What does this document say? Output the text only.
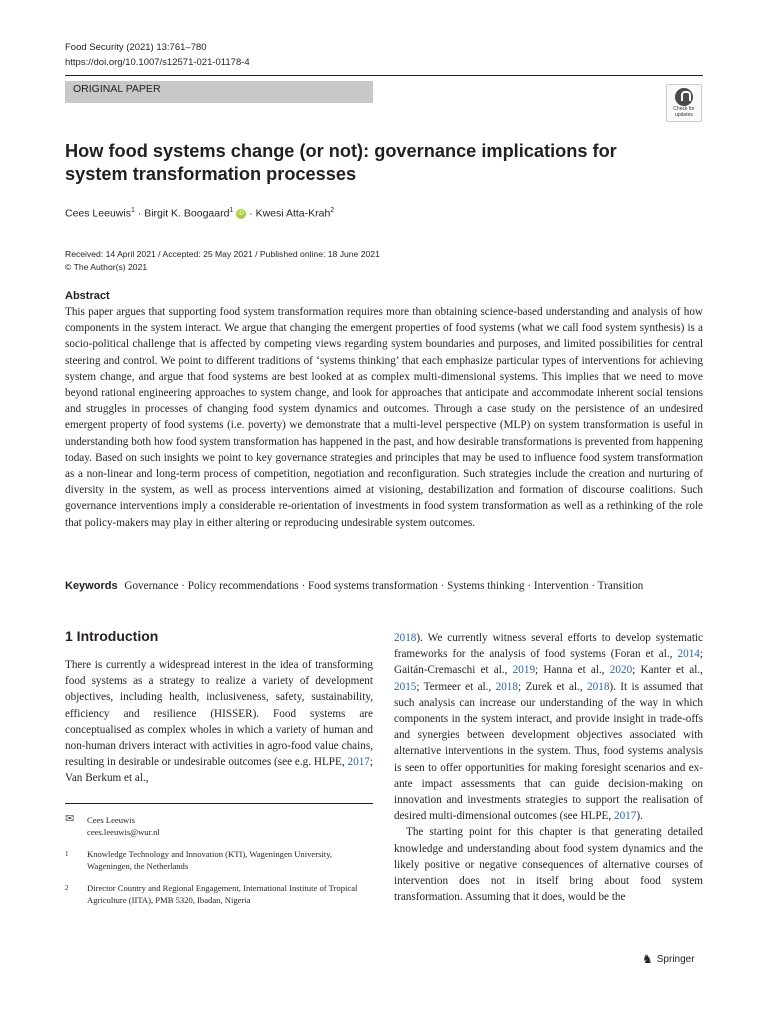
Food Security (2021) 13:761–780
https://doi.org/10.1007/s12571-021-01178-4
ORIGINAL PAPER
Check for
updates
How food systems change (or not): governance implications for system transformation processes
Cees Leeuwis$^1$ · Birgit K. Boogaard$^1$ iD · Kwesi Atta-Krah$^2$
Received: 14 April 2021 / Accepted: 25 May 2021 / Published online: 18 June 2021
© The Author(s) 2021
Abstract

This paper argues that supporting food system transformation requires more than obtaining science-based understanding and analysis of how components in the system interact. We argue that changing the emergent properties of food systems (what we call food system synthesis) is a socio-political challenge that is affected by competing views regarding system boundaries and purposes, and limited possibilities for central steering and control. We point to different traditions of ‘systems thinking’ that each emphasize particular types of interventions for achieving system change, and argue that food systems are best looked at as complex multi-dimensional systems. This implies that we need to move beyond rational engineering approaches to system change, and look for approaches that anticipate and accommodate inherent social tensions and struggles in processes of changing food system dynamics and outcomes. Through a case study on the persistence of an undesired emergent property of food systems (i.e. poverty) we demonstrate that a multi-level perspective (MLP) on system transformation is useful in understanding both how food system transformation has happened in the past, and how desirable transformations is prevented from happening today. Based on such insights we point to key governance strategies and principles that may be used to influence food system transformation as a non-linear and long-term process of competition, negotiation and reconfiguration. Such strategies include the creation and nurturing of diversity in the system, as well as process interventions aimed at visioning, destabilization and formation of discourse coalitions. Such governance interventions imply a considerable re-orientation of investments in food system transformation as well as a rethinking of the role that policy-makers may play in either altering or reproducing undesirable system outcomes.

Keywords Governance · Policy recommendations · Food systems transformation · Systems thinking · Intervention · Transition
1 Introduction

There is currently a widespread interest in the idea of transforming food systems as a strategy to realize a variety of development objectives, including health, inclusiveness, safety, sustainability, efficiency and resilience (HISSER). Food systems are conceptualised as complex wholes in which a variety of human and non-human drivers interact with activities in agro-food value chains, resulting in desirable or undesirable outcomes (see e.g. HLPE, 2017; Van Berkum et al.,

✉	Cees Leeuwis
cees.leeuwis@wur.nl
1	Knowledge Technology and Innovation (KTI), Wageningen University, Wageningen, the Netherlands
2	Director Country and Regional Engagement, International Institute of Tropical Agriculture (IITA), PMB 5320, Ibadan, Nigeria

2018). We currently witness several efforts to develop systematic frameworks for the analysis of food systems (Foran et al., 2014; Gaitán-Cremaschi et al., 2019; Hanna et al., 2020; Kanter et al., 2015; Termeer et al., 2018; Zurek et al., 2018). It is assumed that such analysis can increase our understanding of the way in which components in the system interact, and provide insight in trade-offs and synergies between development objectives associated with alternative interventions in the system. Thus, food systems analysis is seen to offer opportunities for making foresight scenarios and ex-ante impact assessments that can guide decision-making on innovation and investments strategies to support the realisation of desired multi-dimensional outcomes (see HLPE, 2017).

The starting point for this chapter is that generating detailed knowledge and understanding about food system dynamics and the likely positive or negative consequences of alternative courses of intervention does not in itself bring about food system transformation. Assuming that it does, would be the

♞ Springer
